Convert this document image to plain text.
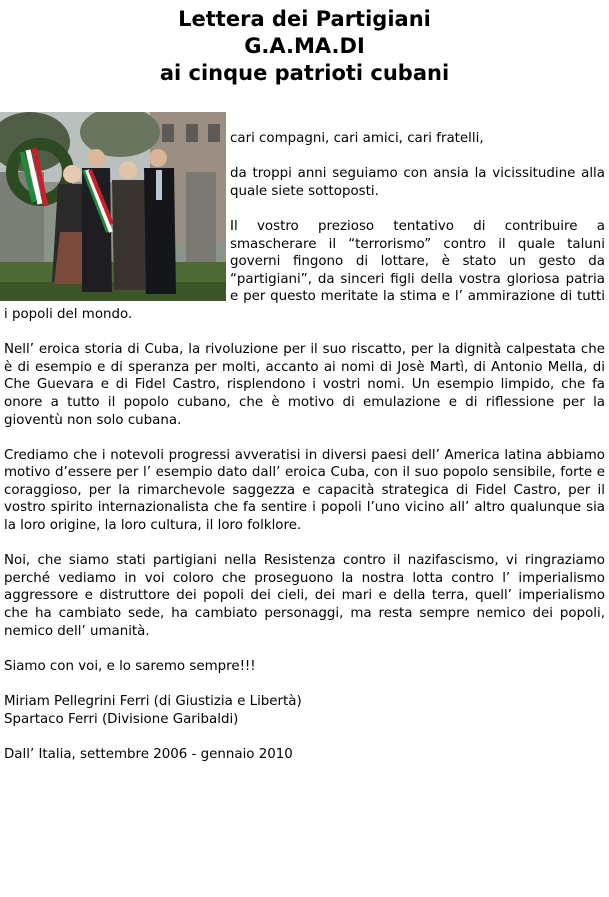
Lettera dei Partigiani
G.A.MA.DI
ai cinque patrioti cubani

cari compagni, cari amici, cari fratelli,

da troppi anni seguiamo con ansia la vicissitudine alla quale siete sottoposti.

Il vostro prezioso tentativo di contribuire a smascherare il “terrorismo” contro il quale taluni governi fingono di lottare, è stato un gesto da “partigiani”, da sinceri figli della vostra gloriosa patria e per questo meritate la stima e l’ ammirazione di tutti i popoli del mondo.

Nell’ eroica storia di Cuba, la rivoluzione per il suo riscatto, per la dignità calpestata che è di esempio e di speranza per molti, accanto ai nomi di Josè Martì, di Antonio Mella, di Che Guevara e di Fidel Castro, risplendono i vostri nomi. Un esempio limpido, che fa onore a tutto il popolo cubano, che è motivo di emulazione e di riflessione per la gioventù non solo cubana.

Crediamo che i notevoli progressi avveratisi in diversi paesi dell’ America latina abbiamo motivo d’essere per l’ esempio dato dall’ eroica Cuba, con il suo popolo sensibile, forte e coraggioso, per la rimarchevole saggezza e capacità strategica di Fidel Castro, per il vostro spirito internazionalista che fa sentire i popoli l’uno vicino all’ altro qualunque sia la loro origine, la loro cultura, il loro folklore.

Noi, che siamo stati partigiani nella Resistenza contro il nazifascismo, vi ringraziamo perché vediamo in voi coloro che proseguono la nostra lotta contro l’ imperialismo aggressore e distruttore dei popoli dei cieli, dei mari e della terra, quell’ imperialismo che ha cambiato sede, ha cambiato personaggi, ma resta sempre nemico dei popoli, nemico dell’ umanità.

Siamo con voi, e lo saremo sempre!!!

Miriam Pellegrini Ferri (di Giustizia e Libertà)
Spartaco Ferri (Divisione Garibaldi)

Dall’ Italia, settembre 2006 - gennaio 2010
